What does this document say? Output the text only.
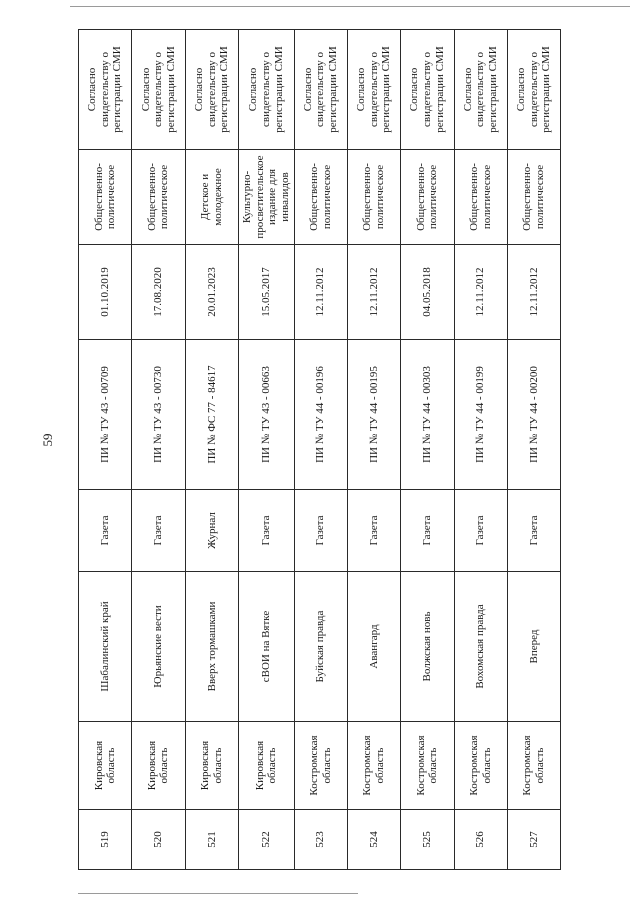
59
519	Кировская область	Шабалинский край	Газета	ПИ № ТУ 43 - 00709	01.10.2019	Общественно-политическое	Согласно свидетельству о регистрации СМИ
520	Кировская область	Юрьянские вести	Газета	ПИ № ТУ 43 - 00730	17.08.2020	Общественно-политическое	Согласно свидетельству о регистрации СМИ
521	Кировская область	Вверх тормашками	Журнал	ПИ № ФС 77 - 84617	20.01.2023	Детское и молодежное	Согласно свидетельству о регистрации СМИ
522	Кировская область	сВОИ на Вятке	Газета	ПИ № ТУ 43 - 00663	15.05.2017	Культурно-просветительское издание для инвалидов	Согласно свидетельству о регистрации СМИ
523	Костромская область	Буйская правда	Газета	ПИ № ТУ 44 - 00196	12.11.2012	Общественно-политическое	Согласно свидетельству о регистрации СМИ
524	Костромская область	Авангард	Газета	ПИ № ТУ 44 - 00195	12.11.2012	Общественно-политическое	Согласно свидетельству о регистрации СМИ
525	Костромская область	Волжская новь	Газета	ПИ № ТУ 44 - 00303	04.05.2018	Общественно-политическое	Согласно свидетельству о регистрации СМИ
526	Костромская область	Вохомская правда	Газета	ПИ № ТУ 44 - 00199	12.11.2012	Общественно-политическое	Согласно свидетельству о регистрации СМИ
527	Костромская область	Вперед	Газета	ПИ № ТУ 44 - 00200	12.11.2012	Общественно-политическое	Согласно свидетельству о регистрации СМИ
